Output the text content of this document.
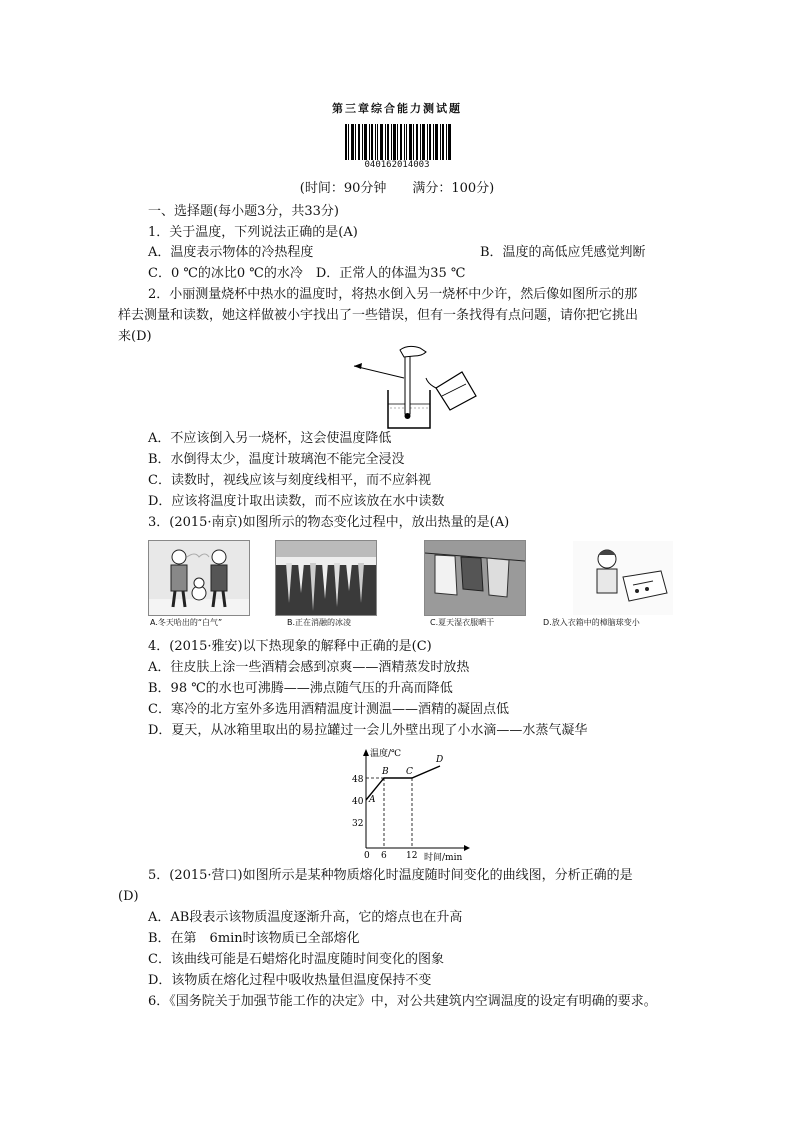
第三章综合能力测试题
040162014003
(时间：90分钟　　满分：100分)
一、选择题(每小题3分，共33分)
1．关于温度，下列说法正确的是(A)
A．温度表示物体的冷热程度	B．温度的高低应凭感觉判断
C．0 ℃的冰比0 ℃的水冷　D．正常人的体温为35 ℃
2．小丽测量烧杯中热水的温度时，将热水倒入另一烧杯中少许，然后像如图所示的那
样去测量和读数，她这样做被小宇找出了一些错误，但有一条找得有点问题，请你把它挑出
来(D)
A．不应该倒入另一烧杯，这会使温度降低
B．水倒得太少，温度计玻璃泡不能完全浸没
C．读数时，视线应该与刻度线相平，而不应斜视
D．应该将温度计取出读数，而不应该放在水中读数
3．(2015·南京)如图所示的物态变化过程中，放出热量的是(A)
A.冬天哈出的“白气”	B.正在消融的冰凌	C.夏天湿衣服晒干	D.放入衣箱中的樟脑球变小
4．(2015·雅安)以下热现象的解释中正确的是(C)
A．往皮肤上涂一些酒精会感到凉爽——酒精蒸发时放热
B．98 ℃的水也可沸腾——沸点随气压的升高而降低
C．寒冷的北方室外多选用酒精温度计测温——酒精的凝固点低
D．夏天，从冰箱里取出的易拉罐过一会儿外壁出现了小水滴——水蒸气凝华
48
40
32
0 6 12
温度/℃
时间/min
A
B C
D
5．(2015·营口)如图所示是某种物质熔化时温度随时间变化的曲线图，分析正确的是
(D)
A．AB段表示该物质温度逐渐升高，它的熔点也在升高
B．在第　6min时该物质已全部熔化
C．该曲线可能是石蜡熔化时温度随时间变化的图象
D．该物质在熔化过程中吸收热量但温度保持不变
6．《国务院关于加强节能工作的决定》中，对公共建筑内空调温度的设定有明确的要求。
